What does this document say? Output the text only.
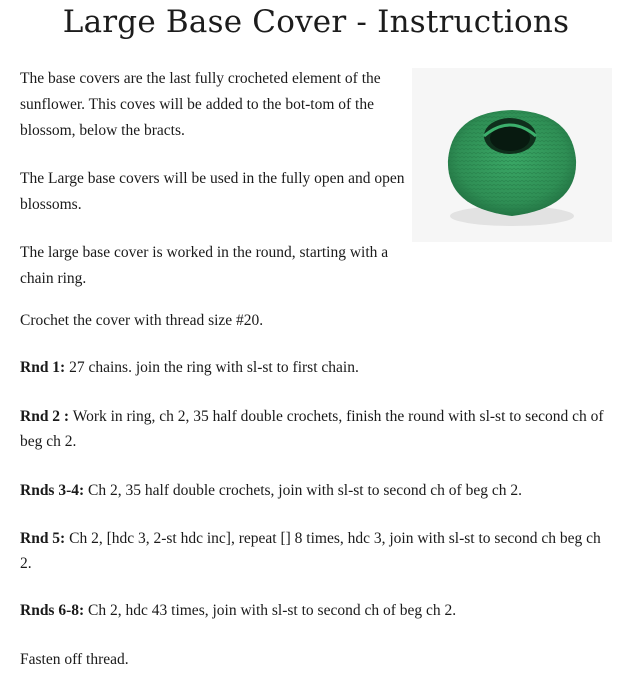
Large Base Cover - Instructions

The base covers are the last fully crocheted element of the sunflower. This coves will be added to the bot-tom of the blossom, below the bracts.

The Large base covers will be used in the fully open and open blossoms.

The large base cover is worked in the round, starting with a chain ring.

Crochet the cover with thread size #20.

Rnd 1: 27 chains. join the ring with sl-st to first chain.

Rnd 2 : Work in ring, ch 2, 35 half double crochets, finish the round with sl-st to second ch of beg ch 2.

Rnds 3-4: Ch 2, 35 half double crochets, join with sl-st to second ch of beg ch 2.

Rnd 5: Ch 2, [hdc 3, 2-st hdc inc], repeat [] 8 times, hdc 3, join with sl-st to second ch beg ch 2.

Rnds 6-8: Ch 2, hdc 43 times, join with sl-st to second ch of beg ch 2.

Fasten off thread.
